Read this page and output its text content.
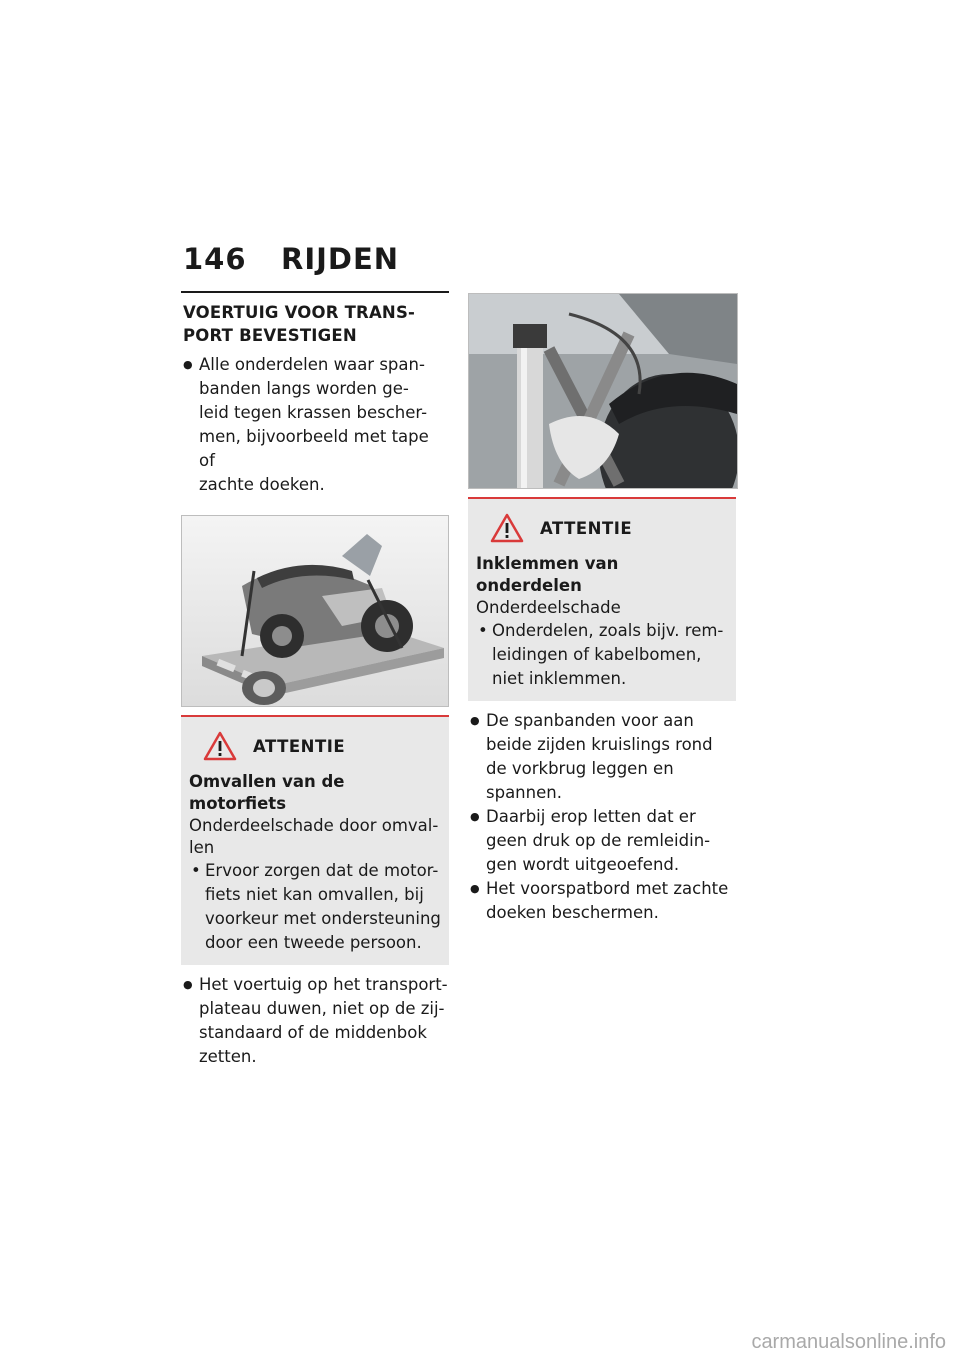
146 RIJDEN
VOERTUIG VOOR TRANS-
PORT BEVESTIGEN
● Alle onderdelen waar span-
banden langs worden ge-
leid tegen krassen bescher-
men, bijvoorbeeld met tape of
zachte doeken.
ATTENTIE
Omvallen van de motorfiets
Onderdeelschade door omval-
len
• Ervoor zorgen dat de motor-
fiets niet kan omvallen, bij
voorkeur met ondersteuning
door een tweede persoon.
● Het voertuig op het transport-
plateau duwen, niet op de zij-
standaard of de middenbok
zetten.
ATTENTIE
Inklemmen van onderdelen
Onderdeelschade
• Onderdelen, zoals bijv. rem-
leidingen of kabelbomen,
niet inklemmen.
● De spanbanden voor aan
beide zijden kruislings rond
de vorkbrug leggen en
spannen.
● Daarbij erop letten dat er
geen druk op de remleidin-
gen wordt uitgeoefend.
● Het voorspatbord met zachte
doeken beschermen.
carmanualsonline.info
